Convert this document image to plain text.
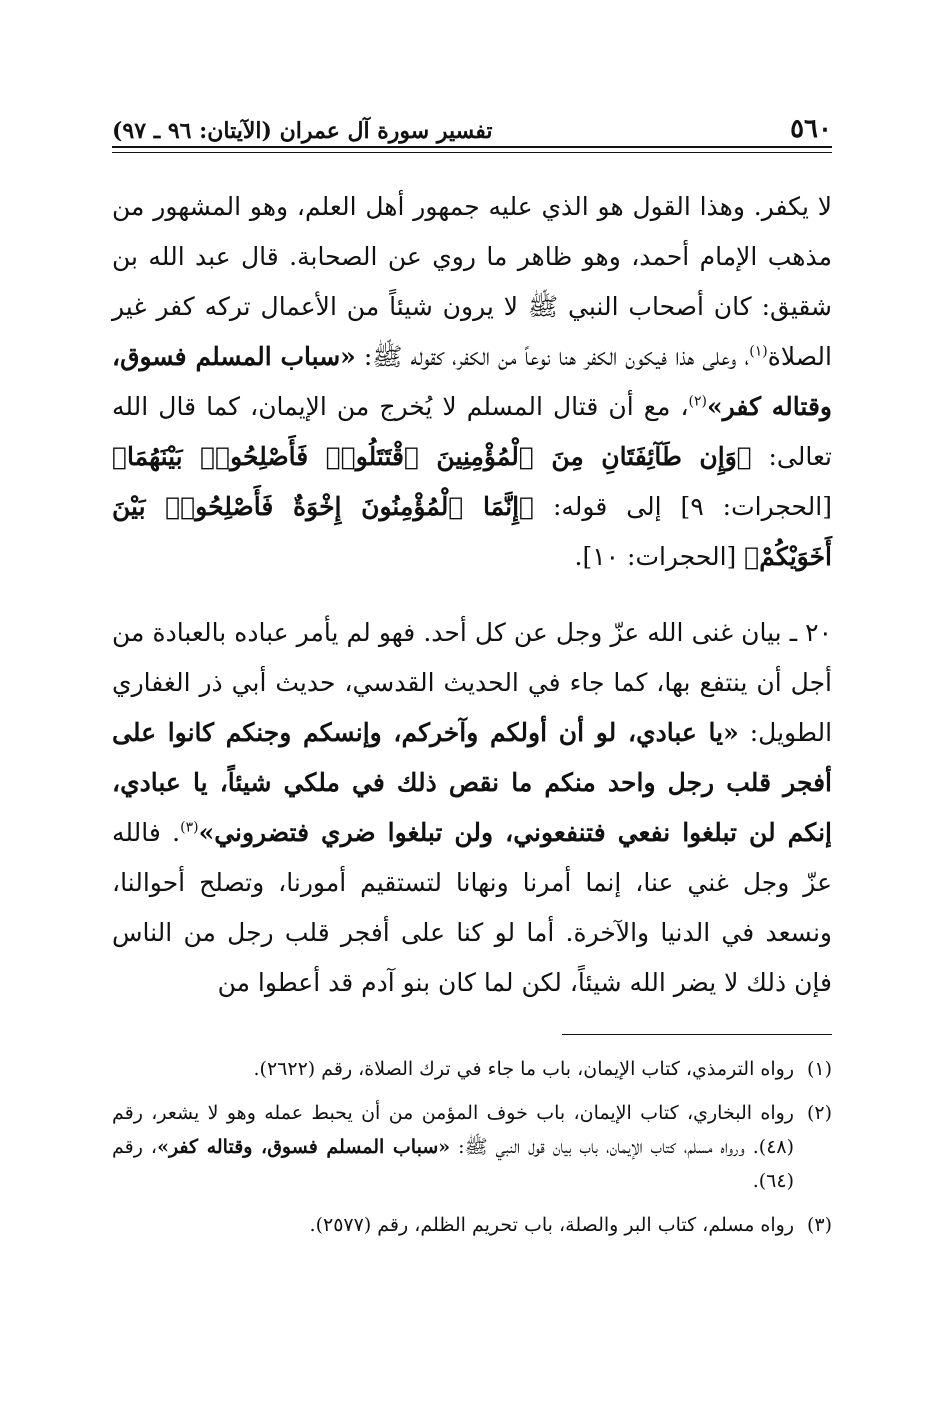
٥٦٠
تفسير سورة آل عمران (الآيتان: ٩٦ ـ ٩٧)

لا يكفر. وهذا القول هو الذي عليه جمهور أهل العلم، وهو المشهور من مذهب الإمام أحمد، وهو ظاهر ما روي عن الصحابة. قال عبد الله بن شقيق: كان أصحاب النبي ﷺ لا يرون شيئاً من الأعمال تركه كفر غير الصلاة$^{(١)}$، وعلى هذا فيكون الكفر هنا نوعاً من الكفر، كقوله ﷺ: «سباب المسلم فسوق، وقتاله كفر»$^{(٢)}$، مع أن قتال المسلم لا يُخرج من الإيمان، كما قال الله تعالى: ﴿وَإِن طَآئِفَتَانِ مِنَ ٱلْمُؤْمِنِينَ ٱقْتَتَلُوا۟ فَأَصْلِحُوا۟ بَيْنَهُمَا﴾ [الحجرات: ٩] إلى قوله: ﴿إِنَّمَا ٱلْمُؤْمِنُونَ إِخْوَةٌ فَأَصْلِحُوا۟ بَيْنَ أَخَوَيْكُمْ﴾ [الحجرات: ١٠].

٢٠ ـ بيان غنى الله عزّ وجل عن كل أحد. فهو لم يأمر عباده بالعبادة من أجل أن ينتفع بها، كما جاء في الحديث القدسي، حديث أبي ذر الغفاري الطويل: «يا عبادي، لو أن أولكم وآخركم، وإنسكم وجنكم كانوا على أفجر قلب رجل واحد منكم ما نقص ذلك في ملكي شيئاً، يا عبادي، إنكم لن تبلغوا نفعي فتنفعوني، ولن تبلغوا ضري فتضروني»$^{(٣)}$. فالله عزّ وجل غني عنا، إنما أمرنا ونهانا لتستقيم أمورنا، وتصلح أحوالنا، ونسعد في الدنيا والآخرة. أما لو كنا على أفجر قلب رجل من الناس فإن ذلك لا يضر الله شيئاً، لكن لما كان بنو آدم قد أعطوا من

(١)
رواه الترمذي، كتاب الإيمان، باب ما جاء في ترك الصلاة، رقم (٢٦٢٢).
(٢)
رواه البخاري، كتاب الإيمان، باب خوف المؤمن من أن يحبط عمله وهو لا يشعر، رقم (٤٨). ورواه مسلم، كتاب الإيمان، باب بيان قول النبي ﷺ: «سباب المسلم فسوق، وقتاله كفر»، رقم (٦٤).
(٣)
رواه مسلم، كتاب البر والصلة، باب تحريم الظلم، رقم (٢٥٧٧).
